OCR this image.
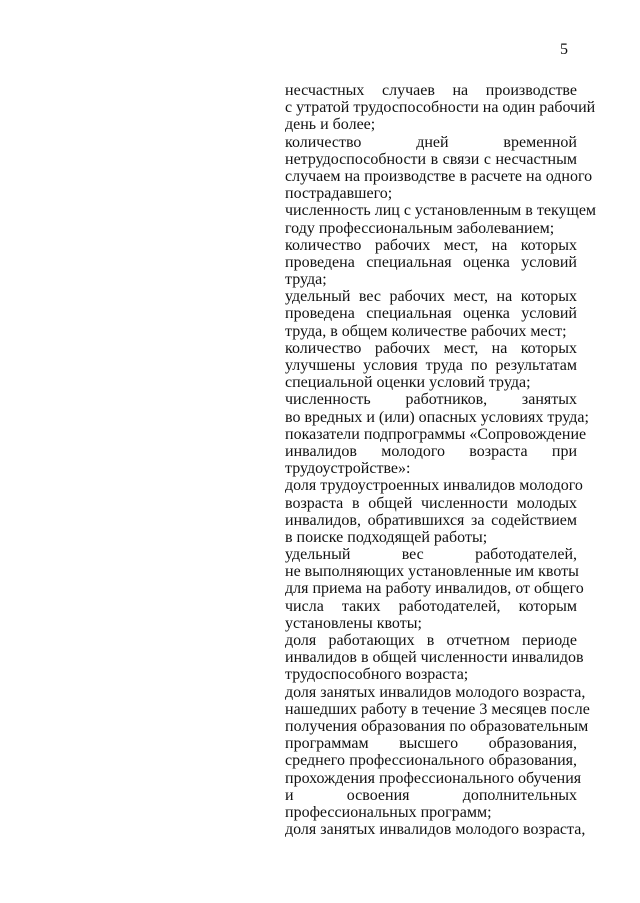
5
несчастных случаев на производстве
с утратой трудоспособности на один рабочий
день и более;
количество дней временной
нетрудоспособности в связи с несчастным
случаем на производстве в расчете на одного
пострадавшего;
численность лиц с установленным в текущем
году профессиональным заболеванием;
количество рабочих мест, на которых
проведена специальная оценка условий
труда;
удельный вес рабочих мест, на которых
проведена специальная оценка условий
труда, в общем количестве рабочих мест;
количество рабочих мест, на которых
улучшены условия труда по результатам
специальной оценки условий труда;
численность работников, занятых
во вредных и (или) опасных условиях труда;
показатели подпрограммы «Сопровождение
инвалидов молодого возраста при
трудоустройстве»:
доля трудоустроенных инвалидов молодого
возраста в общей численности молодых
инвалидов, обратившихся за содействием
в поиске подходящей работы;
удельный вес работодателей,
не выполняющих установленные им квоты
для приема на работу инвалидов, от общего
числа таких работодателей, которым
установлены квоты;
доля работающих в отчетном периоде
инвалидов в общей численности инвалидов
трудоспособного возраста;
доля занятых инвалидов молодого возраста,
нашедших работу в течение 3 месяцев после
получения образования по образовательным
программам высшего образования,
среднего профессионального образования,
прохождения профессионального обучения
и освоения дополнительных
профессиональных программ;
доля занятых инвалидов молодого возраста,
